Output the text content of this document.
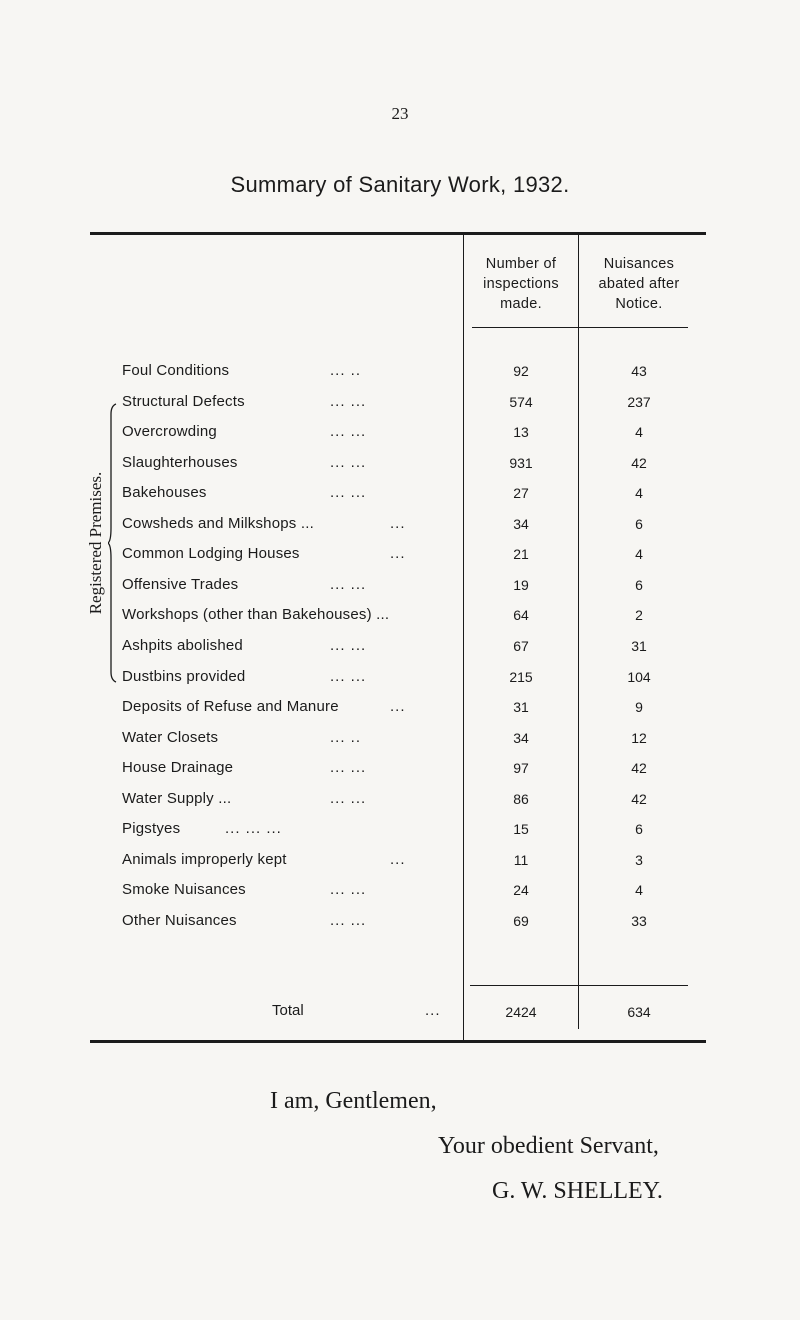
23
Summary of Sanitary Work, 1932.
Number of
inspections
made.
Nuisances
abated after
Notice.
Registered Premises.
Foul Conditions	... ..	92	43
Structural Defects	... ...	574	237
Overcrowding	... ...	13	4
Slaughterhouses	... ...	931	42
Bakehouses	... ...	27	4
Cowsheds and Milkshops ...	...	34	6
Common Lodging Houses	...	21	4
Offensive Trades	... ...	19	6
Workshops (other than Bakehouses) ...	64	2
Ashpits abolished	... ...	67	31
Dustbins provided	... ...	215	104
Deposits of Refuse and Manure	...	31	9
Water Closets	... ..	34	12
House Drainage	... ...	97	42
Water Supply ...	... ...	86	42
Pigstyes	... ... ...	15	6
Animals improperly kept	...	11	3
Smoke Nuisances	... ...	24	4
Other Nuisances	... ...	69	33
Total	...	2424	634
I am, Gentlemen,
Your obedient Servant,
G. W. SHELLEY.
